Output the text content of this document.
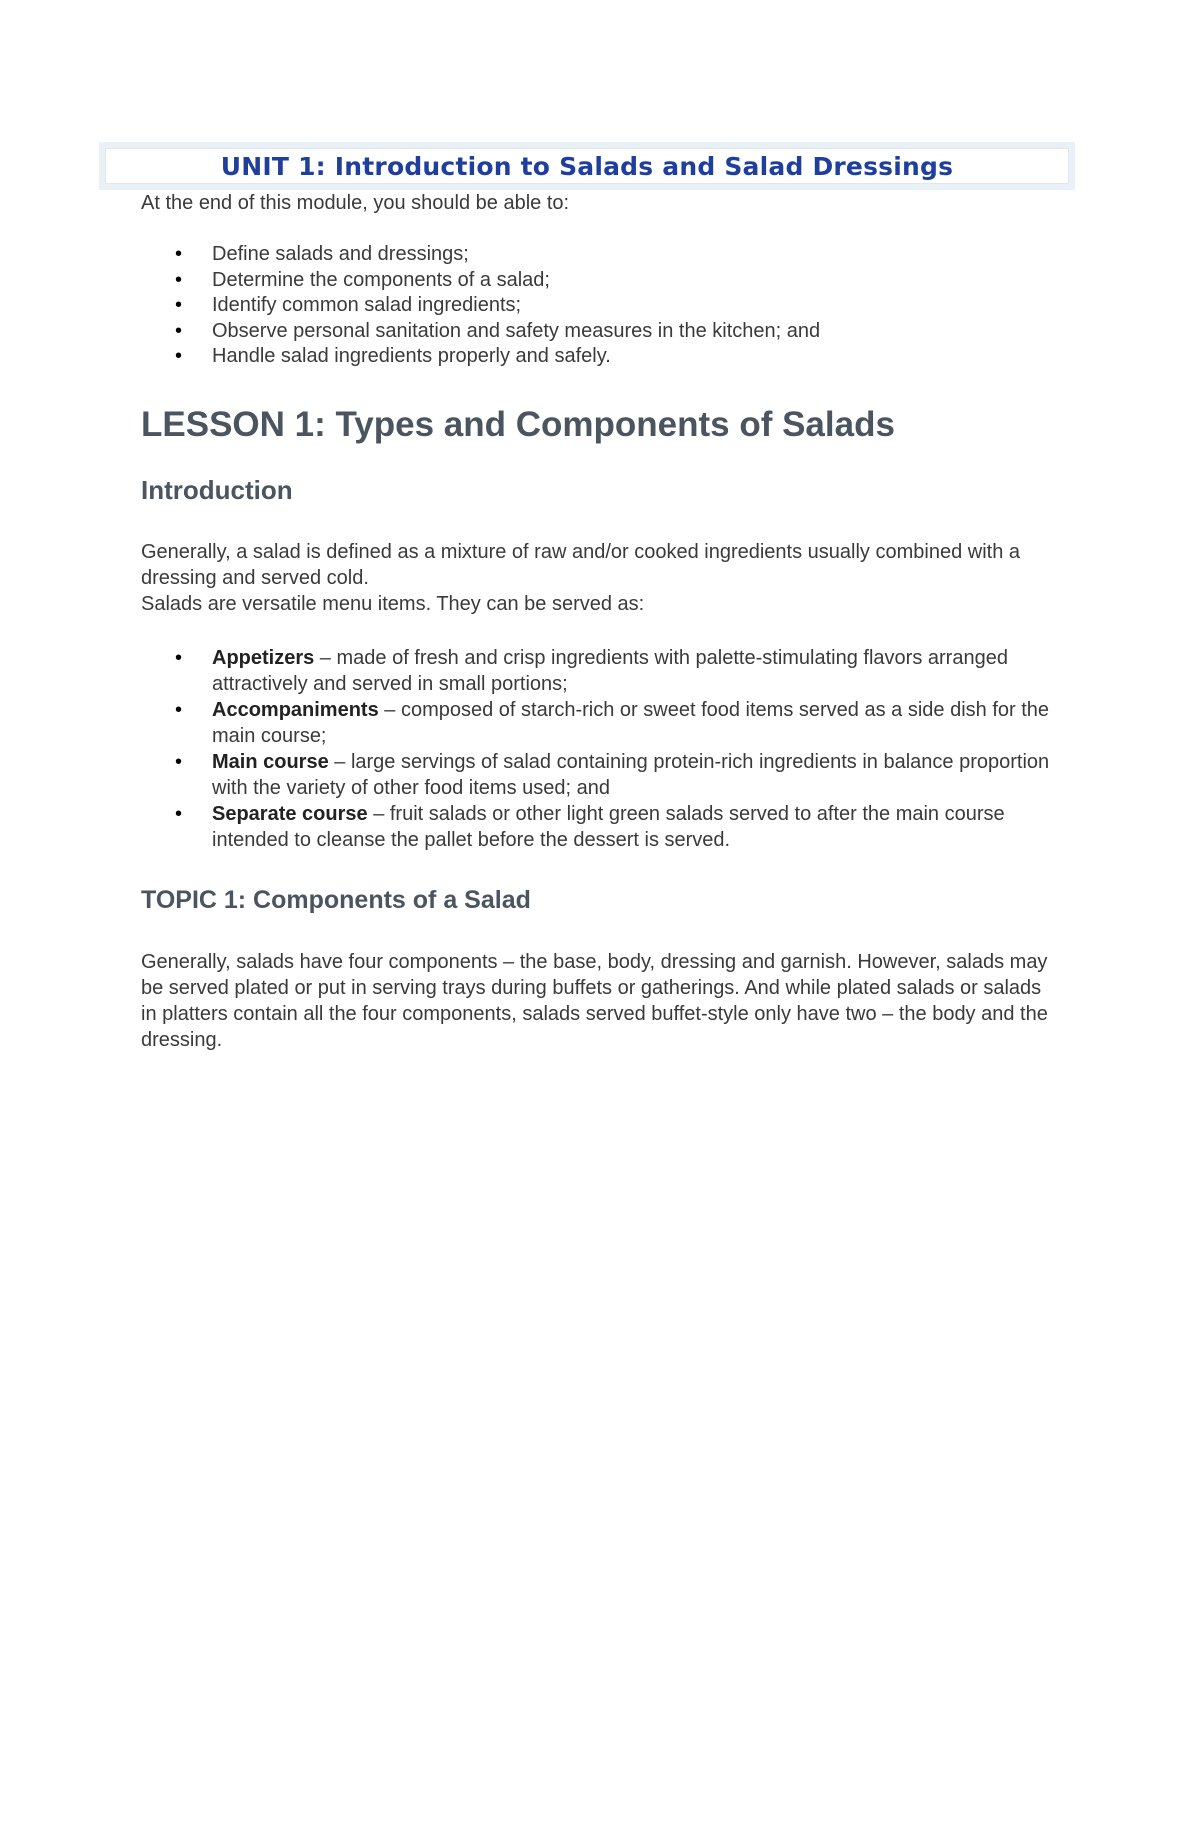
UNIT 1: Introduction to Salads and Salad Dressings

At the end of this module, you should be able to:

• Define salads and dressings;
• Determine the components of a salad;
• Identify common salad ingredients;
• Observe personal sanitation and safety measures in the kitchen; and
• Handle salad ingredients properly and safely.
LESSON 1: Types and Components of Salads
Introduction

Generally, a salad is defined as a mixture of raw and/or cooked ingredients usually combined with a dressing and served cold.

Salads are versatile menu items. They can be served as:

• Appetizers – made of fresh and crisp ingredients with palette-stimulating flavors arranged attractively and served in small portions;
• Accompaniments – composed of starch-rich or sweet food items served as a side dish for the main course;
• Main course – large servings of salad containing protein-rich ingredients in balance proportion with the variety of other food items used; and
• Separate course – fruit salads or other light green salads served to after the main course intended to cleanse the pallet before the dessert is served.
TOPIC 1: Components of a Salad

Generally, salads have four components – the base, body, dressing and garnish. However, salads may be served plated or put in serving trays during buffets or gatherings. And while plated salads or salads in platters contain all the four components, salads served buffet-style only have two – the body and the dressing.
